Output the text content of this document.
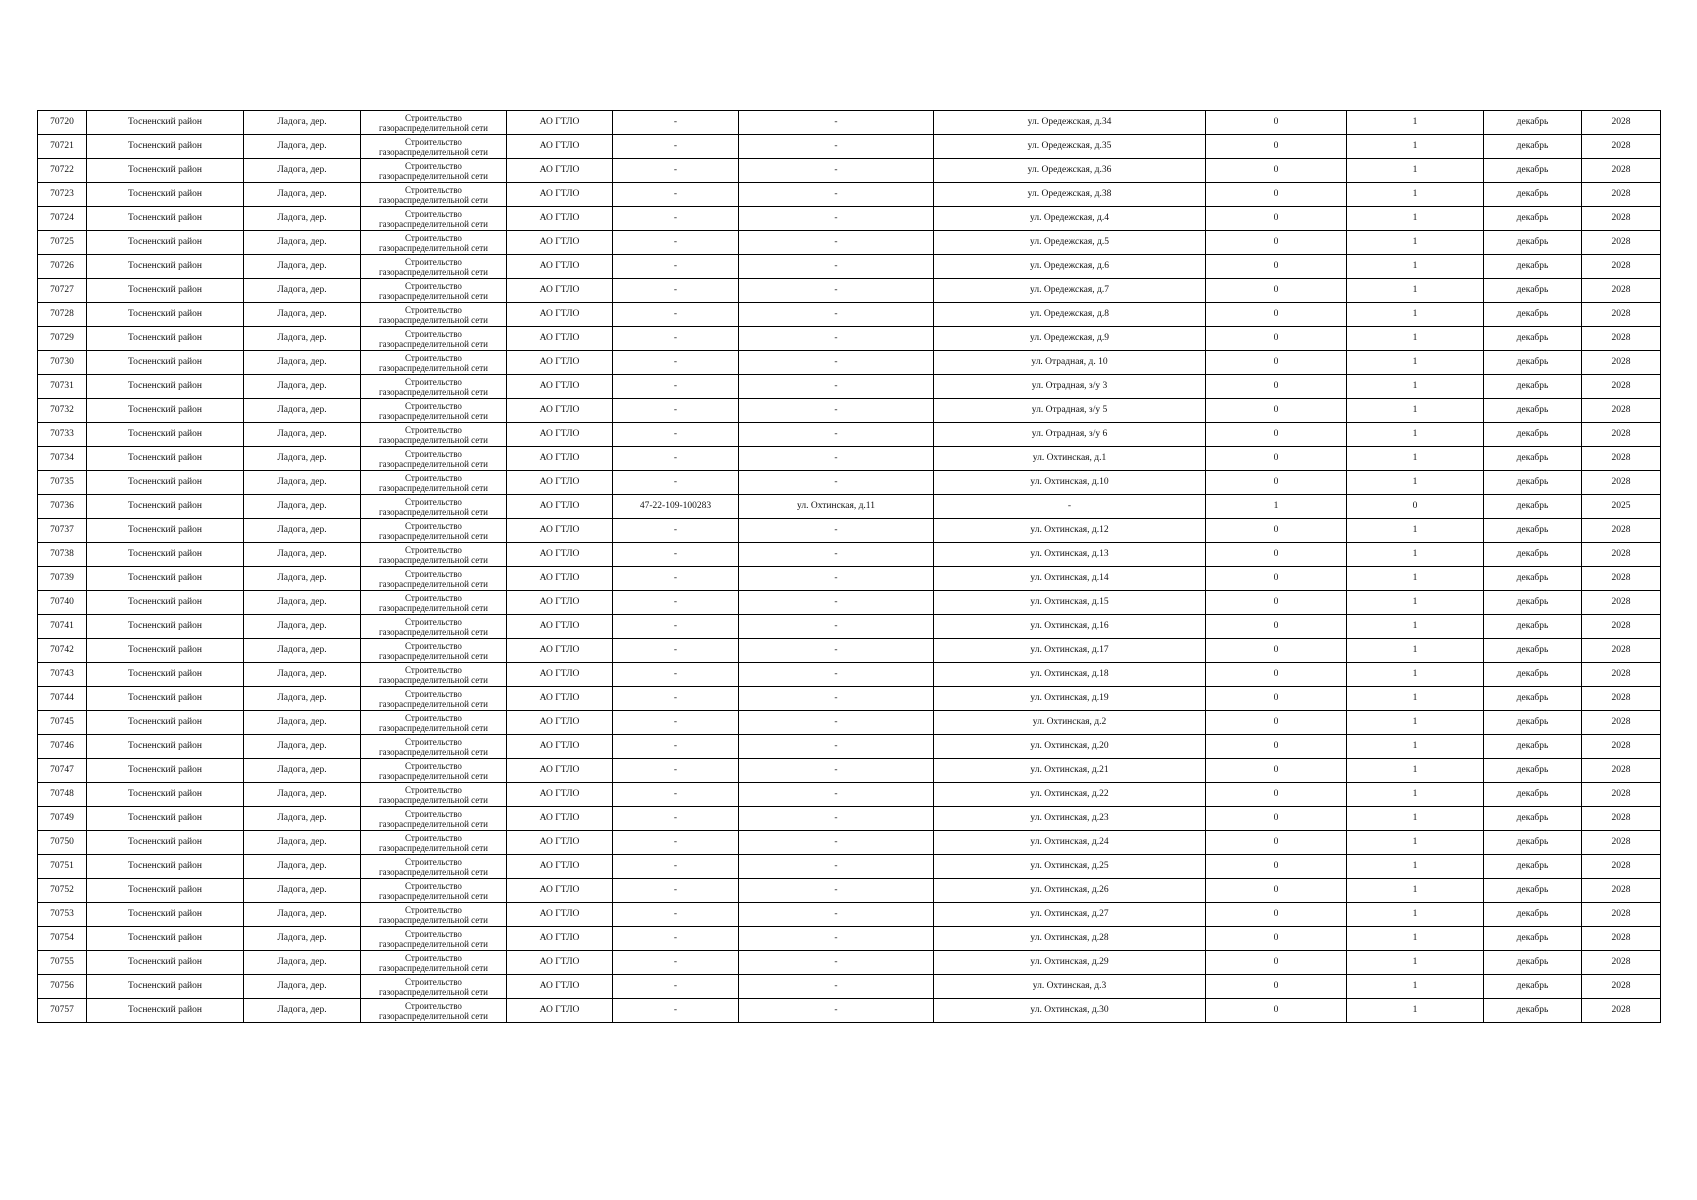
70720	Тосненский район	Ладога, дер.	Строительство
газораспределительной сети	АО ГТЛО	-	-	ул. Оредежская, д.34	0	1	декабрь	2028
70721	Тосненский район	Ладога, дер.	Строительство
газораспределительной сети	АО ГТЛО	-	-	ул. Оредежская, д.35	0	1	декабрь	2028
70722	Тосненский район	Ладога, дер.	Строительство
газораспределительной сети	АО ГТЛО	-	-	ул. Оредежская, д.36	0	1	декабрь	2028
70723	Тосненский район	Ладога, дер.	Строительство
газораспределительной сети	АО ГТЛО	-	-	ул. Оредежская, д.38	0	1	декабрь	2028
70724	Тосненский район	Ладога, дер.	Строительство
газораспределительной сети	АО ГТЛО	-	-	ул. Оредежская, д.4	0	1	декабрь	2028
70725	Тосненский район	Ладога, дер.	Строительство
газораспределительной сети	АО ГТЛО	-	-	ул. Оредежская, д.5	0	1	декабрь	2028
70726	Тосненский район	Ладога, дер.	Строительство
газораспределительной сети	АО ГТЛО	-	-	ул. Оредежская, д.6	0	1	декабрь	2028
70727	Тосненский район	Ладога, дер.	Строительство
газораспределительной сети	АО ГТЛО	-	-	ул. Оредежская, д.7	0	1	декабрь	2028
70728	Тосненский район	Ладога, дер.	Строительство
газораспределительной сети	АО ГТЛО	-	-	ул. Оредежская, д.8	0	1	декабрь	2028
70729	Тосненский район	Ладога, дер.	Строительство
газораспределительной сети	АО ГТЛО	-	-	ул. Оредежская, д.9	0	1	декабрь	2028
70730	Тосненский район	Ладога, дер.	Строительство
газораспределительной сети	АО ГТЛО	-	-	ул. Отрадная, д. 10	0	1	декабрь	2028
70731	Тосненский район	Ладога, дер.	Строительство
газораспределительной сети	АО ГТЛО	-	-	ул. Отрадная, з/у 3	0	1	декабрь	2028
70732	Тосненский район	Ладога, дер.	Строительство
газораспределительной сети	АО ГТЛО	-	-	ул. Отрадная, з/у 5	0	1	декабрь	2028
70733	Тосненский район	Ладога, дер.	Строительство
газораспределительной сети	АО ГТЛО	-	-	ул. Отрадная, з/у 6	0	1	декабрь	2028
70734	Тосненский район	Ладога, дер.	Строительство
газораспределительной сети	АО ГТЛО	-	-	ул. Охтинская, д.1	0	1	декабрь	2028
70735	Тосненский район	Ладога, дер.	Строительство
газораспределительной сети	АО ГТЛО	-	-	ул. Охтинская, д.10	0	1	декабрь	2028
70736	Тосненский район	Ладога, дер.	Строительство
газораспределительной сети	АО ГТЛО	47-22-109-100283	ул. Охтинская, д.11	-	1	0	декабрь	2025
70737	Тосненский район	Ладога, дер.	Строительство
газораспределительной сети	АО ГТЛО	-	-	ул. Охтинская, д.12	0	1	декабрь	2028
70738	Тосненский район	Ладога, дер.	Строительство
газораспределительной сети	АО ГТЛО	-	-	ул. Охтинская, д.13	0	1	декабрь	2028
70739	Тосненский район	Ладога, дер.	Строительство
газораспределительной сети	АО ГТЛО	-	-	ул. Охтинская, д.14	0	1	декабрь	2028
70740	Тосненский район	Ладога, дер.	Строительство
газораспределительной сети	АО ГТЛО	-	-	ул. Охтинская, д.15	0	1	декабрь	2028
70741	Тосненский район	Ладога, дер.	Строительство
газораспределительной сети	АО ГТЛО	-	-	ул. Охтинская, д.16	0	1	декабрь	2028
70742	Тосненский район	Ладога, дер.	Строительство
газораспределительной сети	АО ГТЛО	-	-	ул. Охтинская, д.17	0	1	декабрь	2028
70743	Тосненский район	Ладога, дер.	Строительство
газораспределительной сети	АО ГТЛО	-	-	ул. Охтинская, д.18	0	1	декабрь	2028
70744	Тосненский район	Ладога, дер.	Строительство
газораспределительной сети	АО ГТЛО	-	-	ул. Охтинская, д.19	0	1	декабрь	2028
70745	Тосненский район	Ладога, дер.	Строительство
газораспределительной сети	АО ГТЛО	-	-	ул. Охтинская, д.2	0	1	декабрь	2028
70746	Тосненский район	Ладога, дер.	Строительство
газораспределительной сети	АО ГТЛО	-	-	ул. Охтинская, д.20	0	1	декабрь	2028
70747	Тосненский район	Ладога, дер.	Строительство
газораспределительной сети	АО ГТЛО	-	-	ул. Охтинская, д.21	0	1	декабрь	2028
70748	Тосненский район	Ладога, дер.	Строительство
газораспределительной сети	АО ГТЛО	-	-	ул. Охтинская, д.22	0	1	декабрь	2028
70749	Тосненский район	Ладога, дер.	Строительство
газораспределительной сети	АО ГТЛО	-	-	ул. Охтинская, д.23	0	1	декабрь	2028
70750	Тосненский район	Ладога, дер.	Строительство
газораспределительной сети	АО ГТЛО	-	-	ул. Охтинская, д.24	0	1	декабрь	2028
70751	Тосненский район	Ладога, дер.	Строительство
газораспределительной сети	АО ГТЛО	-	-	ул. Охтинская, д.25	0	1	декабрь	2028
70752	Тосненский район	Ладога, дер.	Строительство
газораспределительной сети	АО ГТЛО	-	-	ул. Охтинская, д.26	0	1	декабрь	2028
70753	Тосненский район	Ладога, дер.	Строительство
газораспределительной сети	АО ГТЛО	-	-	ул. Охтинская, д.27	0	1	декабрь	2028
70754	Тосненский район	Ладога, дер.	Строительство
газораспределительной сети	АО ГТЛО	-	-	ул. Охтинская, д.28	0	1	декабрь	2028
70755	Тосненский район	Ладога, дер.	Строительство
газораспределительной сети	АО ГТЛО	-	-	ул. Охтинская, д.29	0	1	декабрь	2028
70756	Тосненский район	Ладога, дер.	Строительство
газораспределительной сети	АО ГТЛО	-	-	ул. Охтинская, д.3	0	1	декабрь	2028
70757	Тосненский район	Ладога, дер.	Строительство
газораспределительной сети	АО ГТЛО	-	-	ул. Охтинская, д.30	0	1	декабрь	2028
